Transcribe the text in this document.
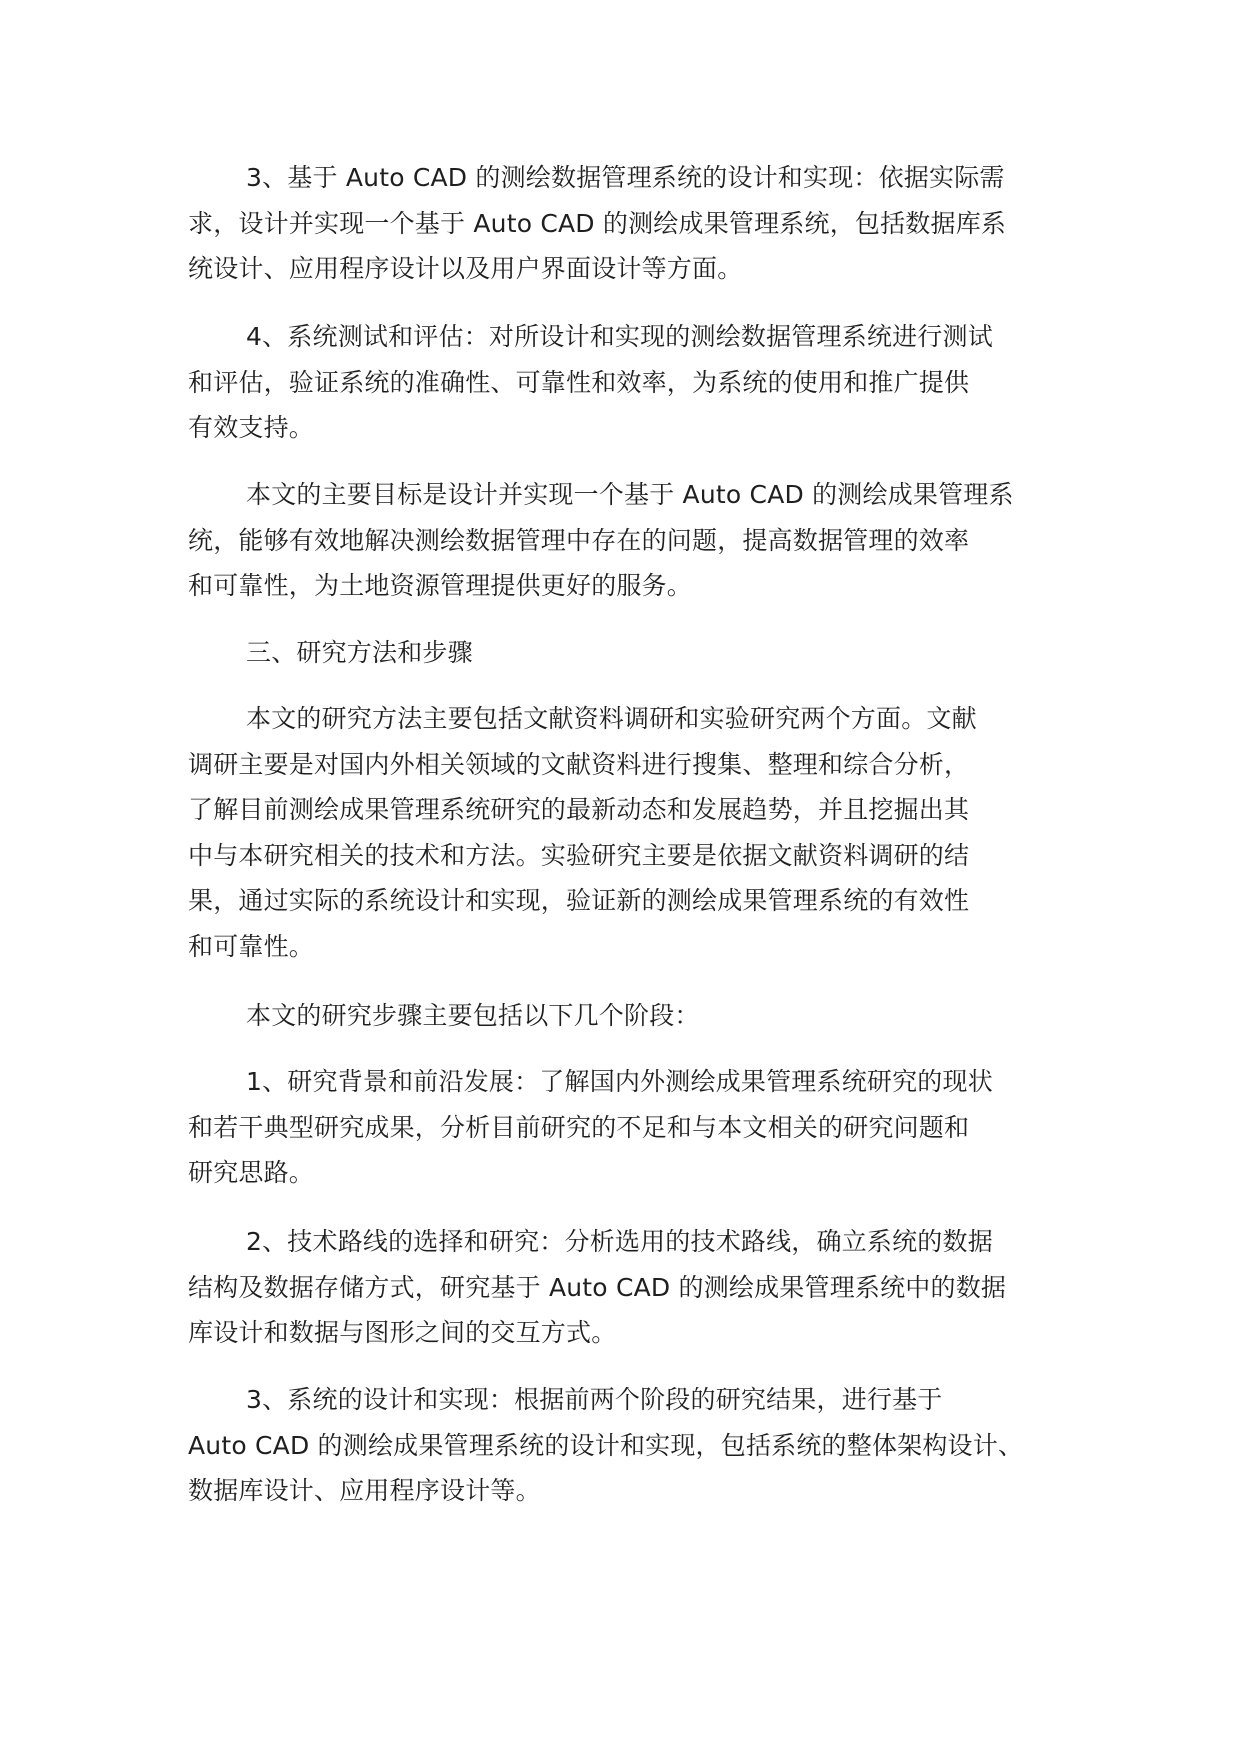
3、基于 Auto CAD 的测绘数据管理系统的设计和实现：依据实际需
求，设计并实现一个基于 Auto CAD 的测绘成果管理系统，包括数据库系
统设计、应用程序设计以及用户界面设计等方面。
4、系统测试和评估：对所设计和实现的测绘数据管理系统进行测试
和评估，验证系统的准确性、可靠性和效率，为系统的使用和推广提供
有效支持。
本文的主要目标是设计并实现一个基于 Auto CAD 的测绘成果管理系
统，能够有效地解决测绘数据管理中存在的问题，提高数据管理的效率
和可靠性，为土地资源管理提供更好的服务。
三、研究方法和步骤
本文的研究方法主要包括文献资料调研和实验研究两个方面。文献
调研主要是对国内外相关领域的文献资料进行搜集、整理和综合分析，
了解目前测绘成果管理系统研究的最新动态和发展趋势，并且挖掘出其
中与本研究相关的技术和方法。实验研究主要是依据文献资料调研的结
果，通过实际的系统设计和实现，验证新的测绘成果管理系统的有效性
和可靠性。
本文的研究步骤主要包括以下几个阶段：
1、研究背景和前沿发展：了解国内外测绘成果管理系统研究的现状
和若干典型研究成果，分析目前研究的不足和与本文相关的研究问题和
研究思路。
2、技术路线的选择和研究：分析选用的技术路线，确立系统的数据
结构及数据存储方式，研究基于 Auto CAD 的测绘成果管理系统中的数据
库设计和数据与图形之间的交互方式。
3、系统的设计和实现：根据前两个阶段的研究结果，进行基于
Auto CAD 的测绘成果管理系统的设计和实现，包括系统的整体架构设计、
数据库设计、应用程序设计等。
